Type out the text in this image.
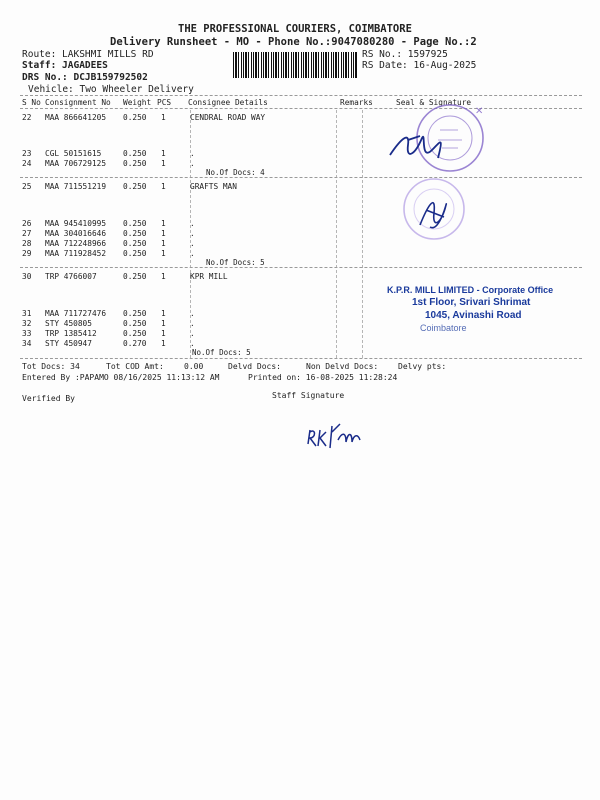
THE PROFESSIONAL COURIERS, COIMBATORE
Delivery Runsheet - MO - Phone No.:9047080280 - Page No.:2
Route: LAKSHMI MILLS RD
Staff: JAGADEES
DRS No.: DCJB159792502
Vehicle: Two Wheeler Delivery
RS No.: 1597925
RS Date: 16-Aug-2025
S No Consignment No Weight PCS Consignee Details	Remarks	Seal & Signature
22 MAA 866641205 0.250 1	CENDRAL ROAD WAY
23 CGL 50151615	0.250 1	.
24 MAA 706729125 0.250 1	.
No.Of Docs: 4
25 MAA 711551219 0.250 1	GRAFTS MAN
26 MAA 945410995 0.250 1	.
27 MAA 304016646 0.250 1	.
28 MAA 712248966 0.250 1	.
29 MAA 711928452 0.250 1	.
No.Of Docs: 5
30 TRP 4766007	0.250 1	KPR MILL
31 MAA 711727476 0.250 1	.
32 STY 450805	0.250 1	.
33 TRP 1385412	0.250 1	.
34 STY 450947	0.270 1	.
No.Of Docs: 5
✕
K.P.R. MILL LIMITED - Corporate Office
1st Floor, Srivari Shrimat
1045, Avinashi Road
Coimbatore
Tot Docs: 34	Tot COD Amt:	0.00	Delvd Docs:	Non Delvd Docs: Delvy pts:
Entered By :PAPAMO 08/16/2025 11:13:12 AM	Printed on: 16-08-2025 11:28:24
Verified By	Staff Signature
